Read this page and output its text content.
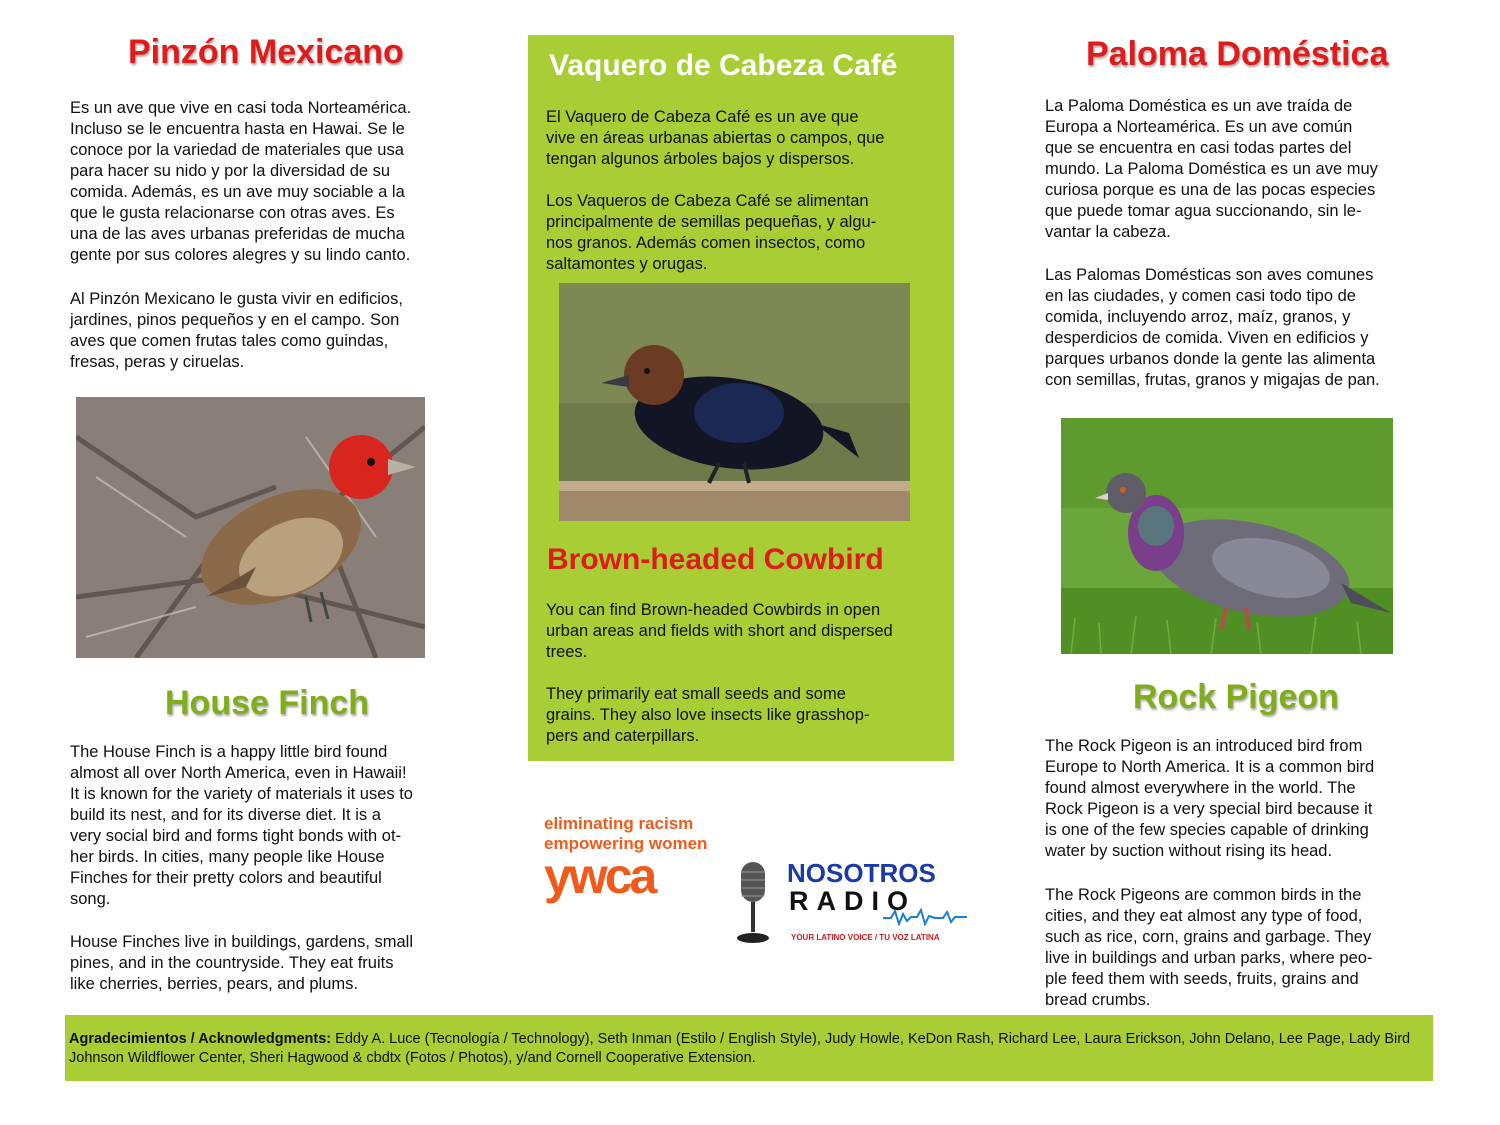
Pinzón Mexicano

Es un ave que vive en casi toda Norteamérica.
Incluso se le encuentra hasta en Hawai. Se le
conoce por la variedad de materiales que usa
para hacer su nido y por la diversidad de su
comida. Además, es un ave muy sociable a la
que le gusta relacionarse con otras aves. Es
una de las aves urbanas preferidas de mucha
gente por sus colores alegres y su lindo canto.

Al Pinzón Mexicano le gusta vivir en edificios,
jardines, pinos pequeños y en el campo. Son
aves que comen frutas tales como guindas,
fresas, peras y ciruelas.

House Finch

The House Finch is a happy little bird found
almost all over North America, even in Hawaii!
It is known for the variety of materials it uses to
build its nest, and for its diverse diet. It is a
very social bird and forms tight bonds with ot-
her birds. In cities, many people like House
Finches for their pretty colors and beautiful
song.

House Finches live in buildings, gardens, small
pines, and in the countryside. They eat fruits
like cherries, berries, pears, and plums.

Vaquero de Cabeza Café

El Vaquero de Cabeza Café es un ave que
vive en áreas urbanas abiertas o campos, que
tengan algunos árboles bajos y dispersos.

Los Vaqueros de Cabeza Café se alimentan
principalmente de semillas pequeñas, y algu-
nos granos. Además comen insectos, como
saltamontes y orugas.

Brown-headed Cowbird

You can find Brown-headed Cowbirds in open
urban areas and fields with short and dispersed
trees.

They primarily eat small seeds and some
grains. They also love insects like grasshop-
pers and caterpillars.

eliminating racism
empowering women
ywca	NOSOTROS
RADIO
YOUR LATINO VOICE / TU VOZ LATINA
Paloma Doméstica

La Paloma Doméstica es un ave traída de
Europa a Norteamérica. Es un ave común
que se encuentra en casi todas partes del
mundo. La Paloma Doméstica es un ave muy
curiosa porque es una de las pocas especies
que puede tomar agua succionando, sin le-
vantar la cabeza.

Las Palomas Domésticas son aves comunes
en las ciudades, y comen casi todo tipo de
comida, incluyendo arroz, maíz, granos, y
desperdicios de comida. Viven en edificios y
parques urbanos donde la gente las alimenta
con semillas, frutas, granos y migajas de pan.

Rock Pigeon

The Rock Pigeon is an introduced bird from
Europe to North America. It is a common bird
found almost everywhere in the world. The
Rock Pigeon is a very special bird because it
is one of the few species capable of drinking
water by suction without rising its head.

The Rock Pigeons are common birds in the
cities, and they eat almost any type of food,
such as rice, corn, grains and garbage. They
live in buildings and urban parks, where peo-
ple feed them with seeds, fruits, grains and
bread crumbs.

Agradecimientos / Acknowledgments: Eddy A. Luce (Tecnología / Technology), Seth Inman (Estilo / English Style), Judy Howle, KeDon Rash, Richard Lee, Laura Erickson, John Delano, Lee Page, Lady Bird Johnson Wildflower Center, Sheri Hagwood & cbdtx (Fotos / Photos), y/and Cornell Cooperative Extension.
